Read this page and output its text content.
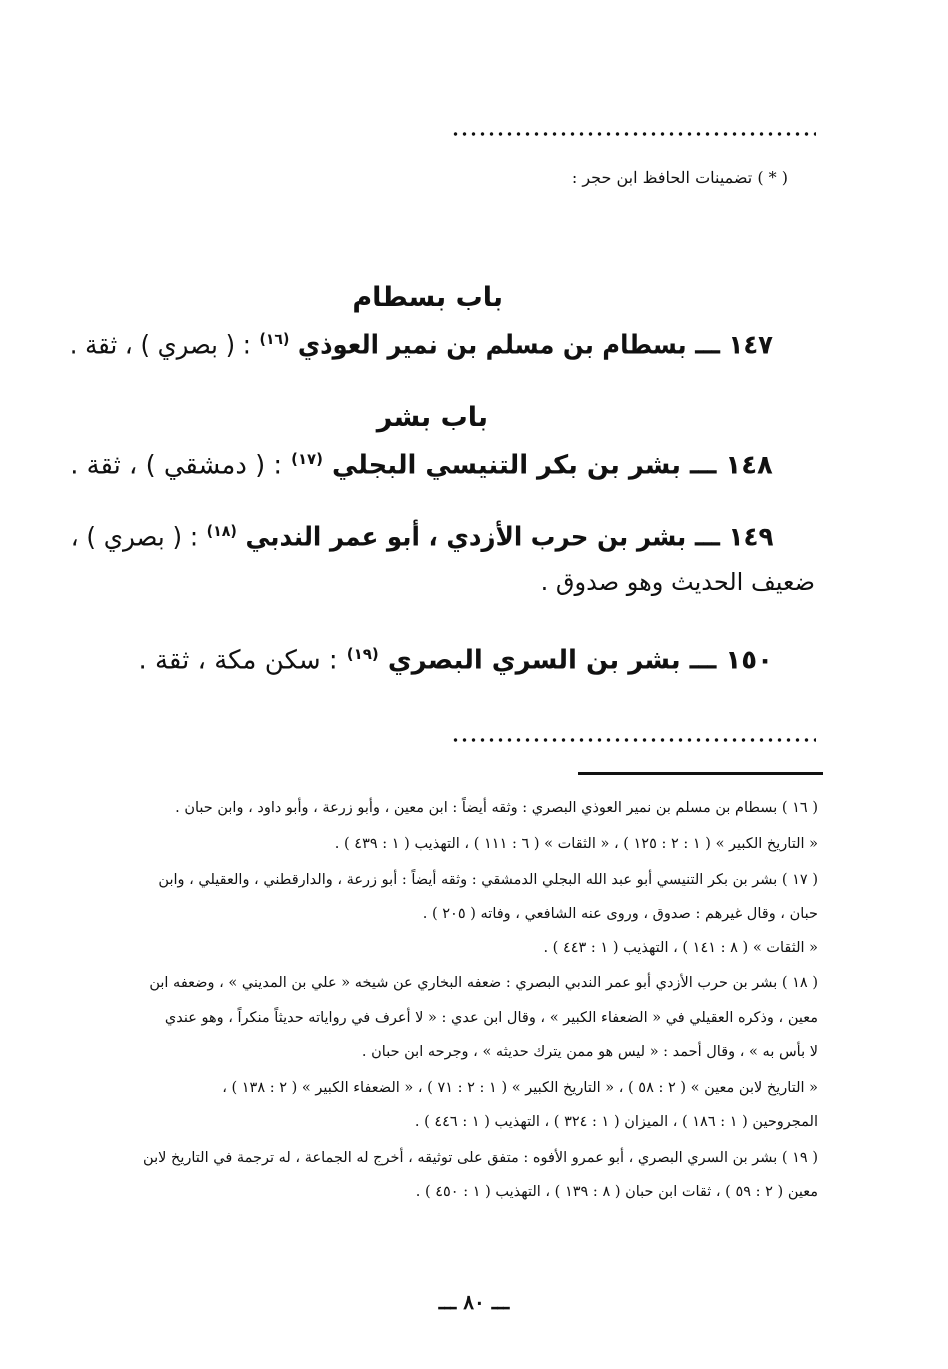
( * ) تضمينات الحافظ ابن حجر :
باب بسطام
١٤٧ ـــ بسطام بن مسلم بن نمير العوذي $^{(١٦)}$ : ( بصري ) ، ثقة .
باب بشر
١٤٨ ـــ بشر بن بكر التنيسي البجلي $^{(١٧)}$ : ( دمشقي ) ، ثقة .
١٤٩ ـــ بشر بن حرب الأزدي ، أبو عمر الندبي $^{(١٨)}$ : ( بصري ) ،
ضعيف الحديث وهو صدوق .
١٥٠ ـــ بشر بن السري البصري $^{(١٩)}$ : سكن مكة ، ثقة .
( ١٦ ) بسطام بن مسلم بن نمير العوذي البصري : وثقه أيضاً : ابن معين ، وأبو زرعة ، وأبو داود ، وابن حبان .
« التاريخ الكبير » ( ١ : ٢ : ١٢٥ ) ، « الثقات » ( ٦ : ١١١ ) ، التهذيب ( ١ : ٤٣٩ ) .
( ١٧ ) بشر بن بكر التنيسي أبو عبد الله البجلي الدمشقي : وثقه أيضاً : أبو زرعة ، والدارقطني ، والعقيلي ، وابن
حبان ، وقال غيرهم : صدوق ، وروى عنه الشافعي ، وفاته ( ٢٠٥ ) .
« الثقات » ( ٨ : ١٤١ ) ، التهذيب ( ١ : ٤٤٣ ) .
( ١٨ ) بشر بن حرب الأزدي أبو عمر الندبي البصري : ضعفه البخاري عن شيخه « علي بن المديني » ، وضعفه ابن
معين ، وذكره العقيلي في « الضعفاء الكبير » ، وقال ابن عدي : « لا أعرف في رواياته حديثاً منكراً ، وهو عندي
لا بأس به » ، وقال أحمد : « ليس هو ممن يترك حديثه » ، وجرحه ابن حبان .
« التاريخ لابن معين » ( ٢ : ٥٨ ) ، « التاريخ الكبير » ( ١ : ٢ : ٧١ ) ، « الضعفاء الكبير » ( ٢ : ١٣٨ ) ،
المجروحين ( ١ : ١٨٦ ) ، الميزان ( ١ : ٣٢٤ ) ، التهذيب ( ١ : ٤٤٦ ) .
( ١٩ ) بشر بن السري البصري ، أبو عمرو الأفوه : متفق على توثيقه ، أخرج له الجماعة ، له ترجمة في التاريخ لابن
معين ( ٢ : ٥٩ ) ، ثقات ابن حبان ( ٨ : ١٣٩ ) ، التهذيب ( ١ : ٤٥٠ ) .
ـــ ٨٠ ـــ
